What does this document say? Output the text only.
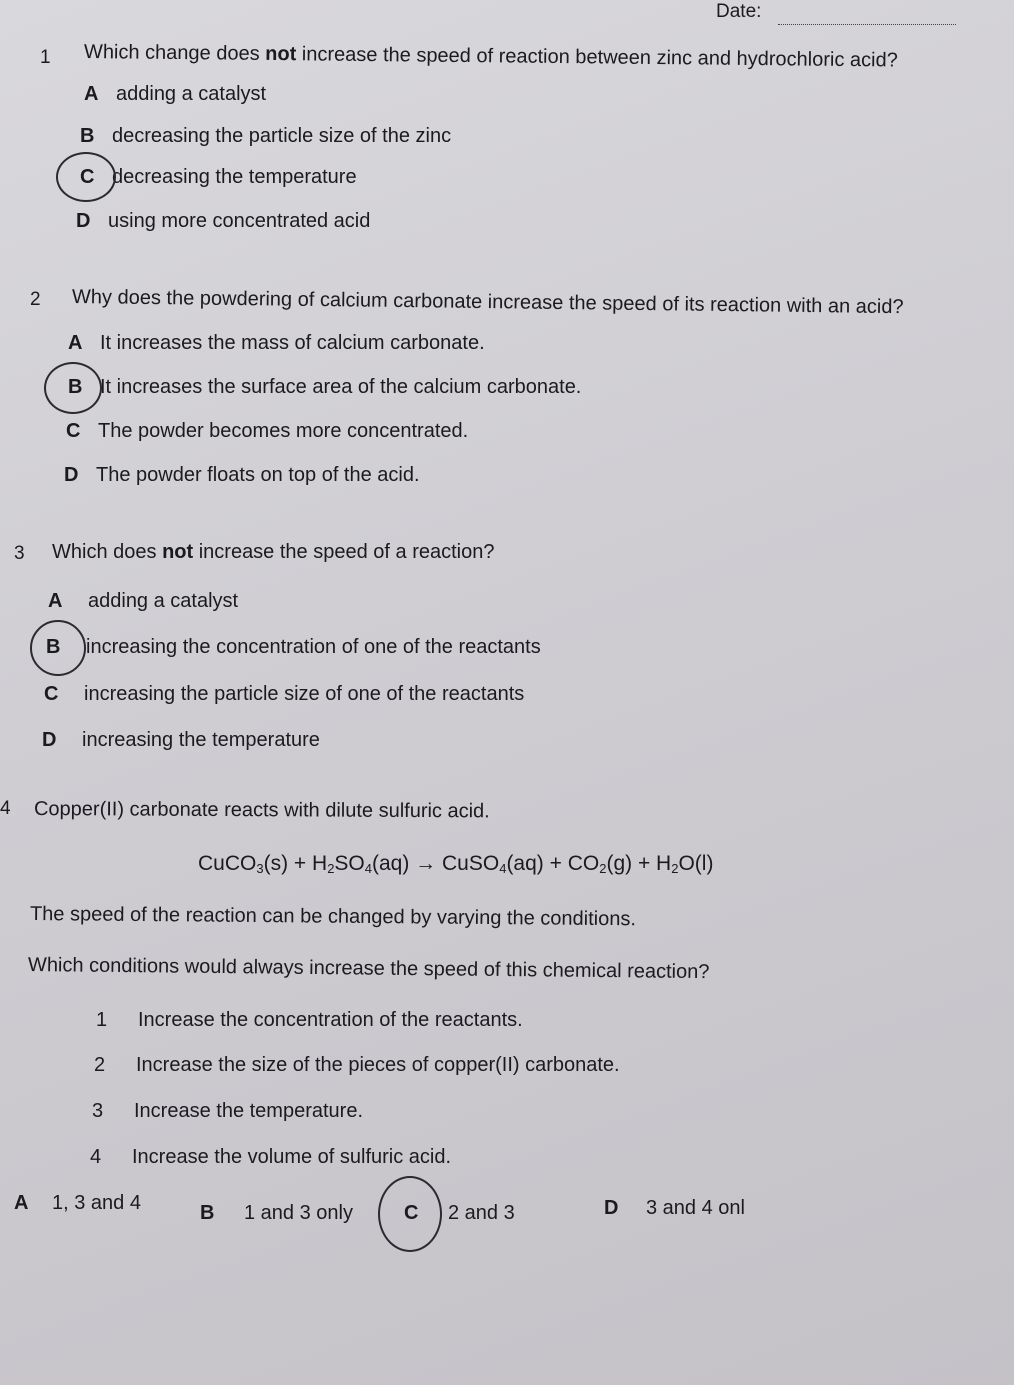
Date:
1 Which change does not increase the speed of reaction between zinc and hydrochloric acid?
A adding a catalyst
B decreasing the particle size of the zinc
C decreasing the temperature
D using more concentrated acid
2 Why does the powdering of calcium carbonate increase the speed of its reaction with an acid?
A It increases the mass of calcium carbonate.
B It increases the surface area of the calcium carbonate.
C The powder becomes more concentrated.
D The powder floats on top of the acid.
3 Which does not increase the speed of a reaction?
A adding a catalyst
B increasing the concentration of one of the reactants
C increasing the particle size of one of the reactants
D increasing the temperature
4 Copper(II) carbonate reacts with dilute sulfuric acid.
CuCO$_3$(s) + $H_2SO_4(aq)$ → CuSO$_4$(aq) + $CO_2(g) + H_2O(l)$
The speed of the reaction can be changed by varying the conditions.
Which conditions would always increase the speed of this chemical reaction?
1 Increase the concentration of the reactants.
2 Increase the size of the pieces of copper(II) carbonate.
3 Increase the temperature.
4 Increase the volume of sulfuric acid.
A 1, 3 and 4	B 1 and 3 only	C 2 and 3	D 3 and 4 onl
